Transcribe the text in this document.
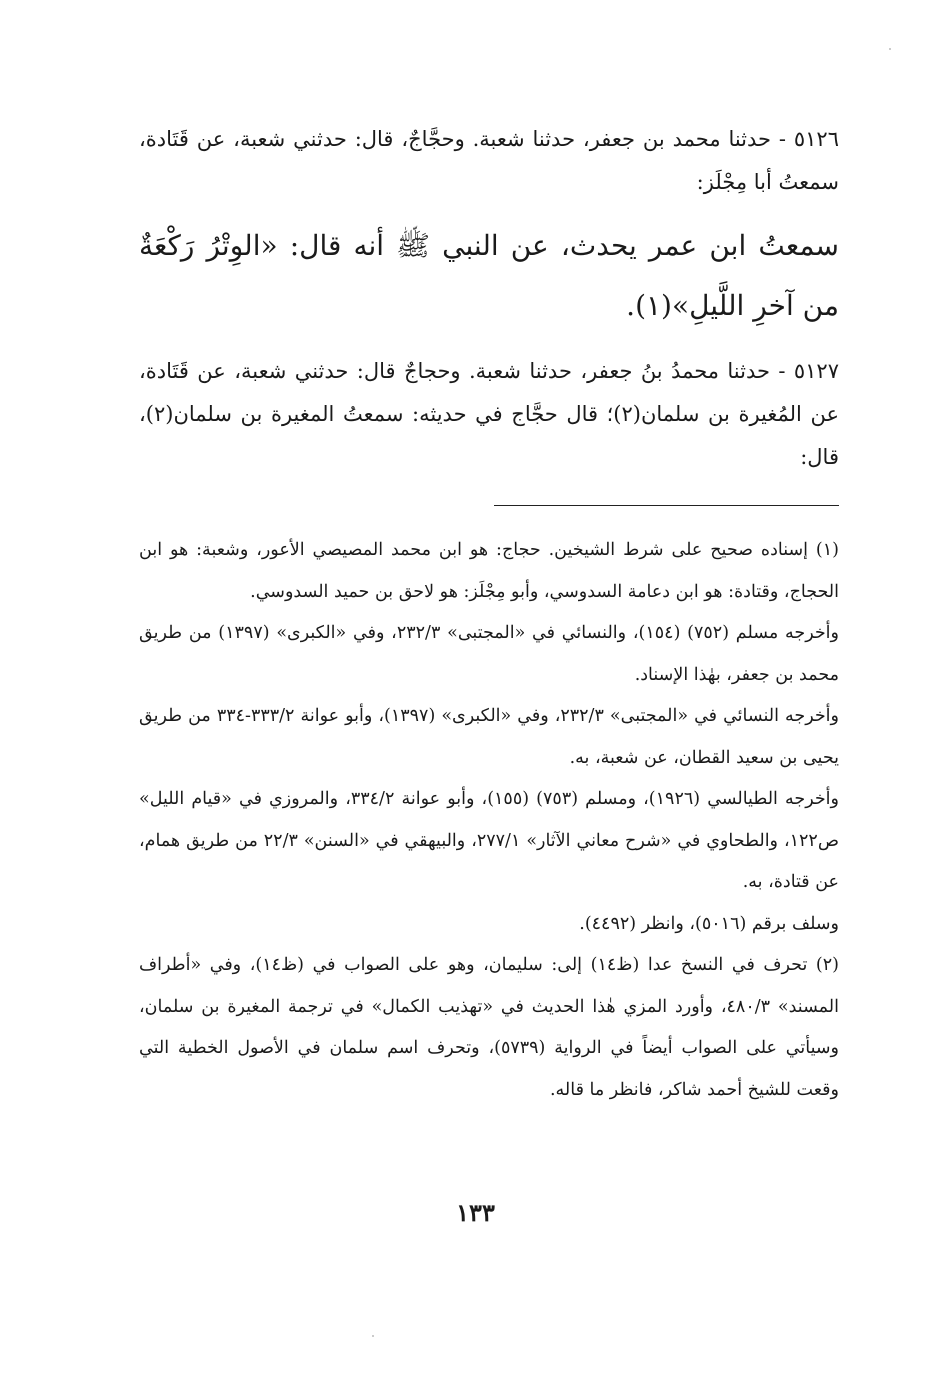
٥١٢٦ - حدثنا محمد بن جعفر، حدثنا شعبة. وحجَّاجٌ، قال: حدثني شعبة، عن قَتَادة، سمعتُ أبا مِجْلَز:

سمعتُ ابن عمر يحدث، عن النبي ﷺ أنه قال: «الوِتْرُ رَكْعَةٌ من آخرِ اللَّيلِ»(١).

٥١٢٧ - حدثنا محمدُ بنُ جعفر، حدثنا شعبة. وحجاجٌ قال: حدثني شعبة، عن قَتَادة، عن المُغيرة بن سلمان(٢)؛ قال حجَّاج في حديثه: سمعتُ المغيرة بن سلمان(٢)، قال:

(١) إسناده صحيح على شرط الشيخين. حجاج: هو ابن محمد المصيصي الأعور، وشعبة: هو ابن الحجاج، وقتادة: هو ابن دعامة السدوسي، وأبو مِجْلَز: هو لاحق بن حميد السدوسي.

وأخرجه مسلم (٧٥٢) (١٥٤)، والنسائي في «المجتبى» ٢٣٢/٣، وفي «الكبرى» (١٣٩٧) من طريق محمد بن جعفر، بهٰذا الإسناد.

وأخرجه النسائي في «المجتبى» ٢٣٢/٣، وفي «الكبرى» (١٣٩٧)، وأبو عوانة ٣٣٣/٢-٣٣٤ من طريق يحيى بن سعيد القطان، عن شعبة، به.

وأخرجه الطيالسي (١٩٢٦)، ومسلم (٧٥٣) (١٥٥)، وأبو عوانة ٣٣٤/٢، والمروزي في «قيام الليل» ص١٢٢، والطحاوي في «شرح معاني الآثار» ٢٧٧/١، والبيهقي في «السنن» ٢٢/٣ من طريق همام، عن قتادة، به.

وسلف برقم (٥٠١٦)، وانظر (٤٤٩٢).

(٢) تحرف في النسخ عدا (ظ١٤) إلى: سليمان، وهو على الصواب في (ظ١٤)، وفي «أطراف المسند» ٤٨٠/٣، وأورد المزي هٰذا الحديث في «تهذيب الكمال» في ترجمة المغيرة بن سلمان، وسيأتي على الصواب أيضاً في الرواية (٥٧٣٩)، وتحرف اسم سلمان في الأصول الخطية التي وقعت للشيخ أحمد شاكر، فانظر ما قاله.

١٣٣
